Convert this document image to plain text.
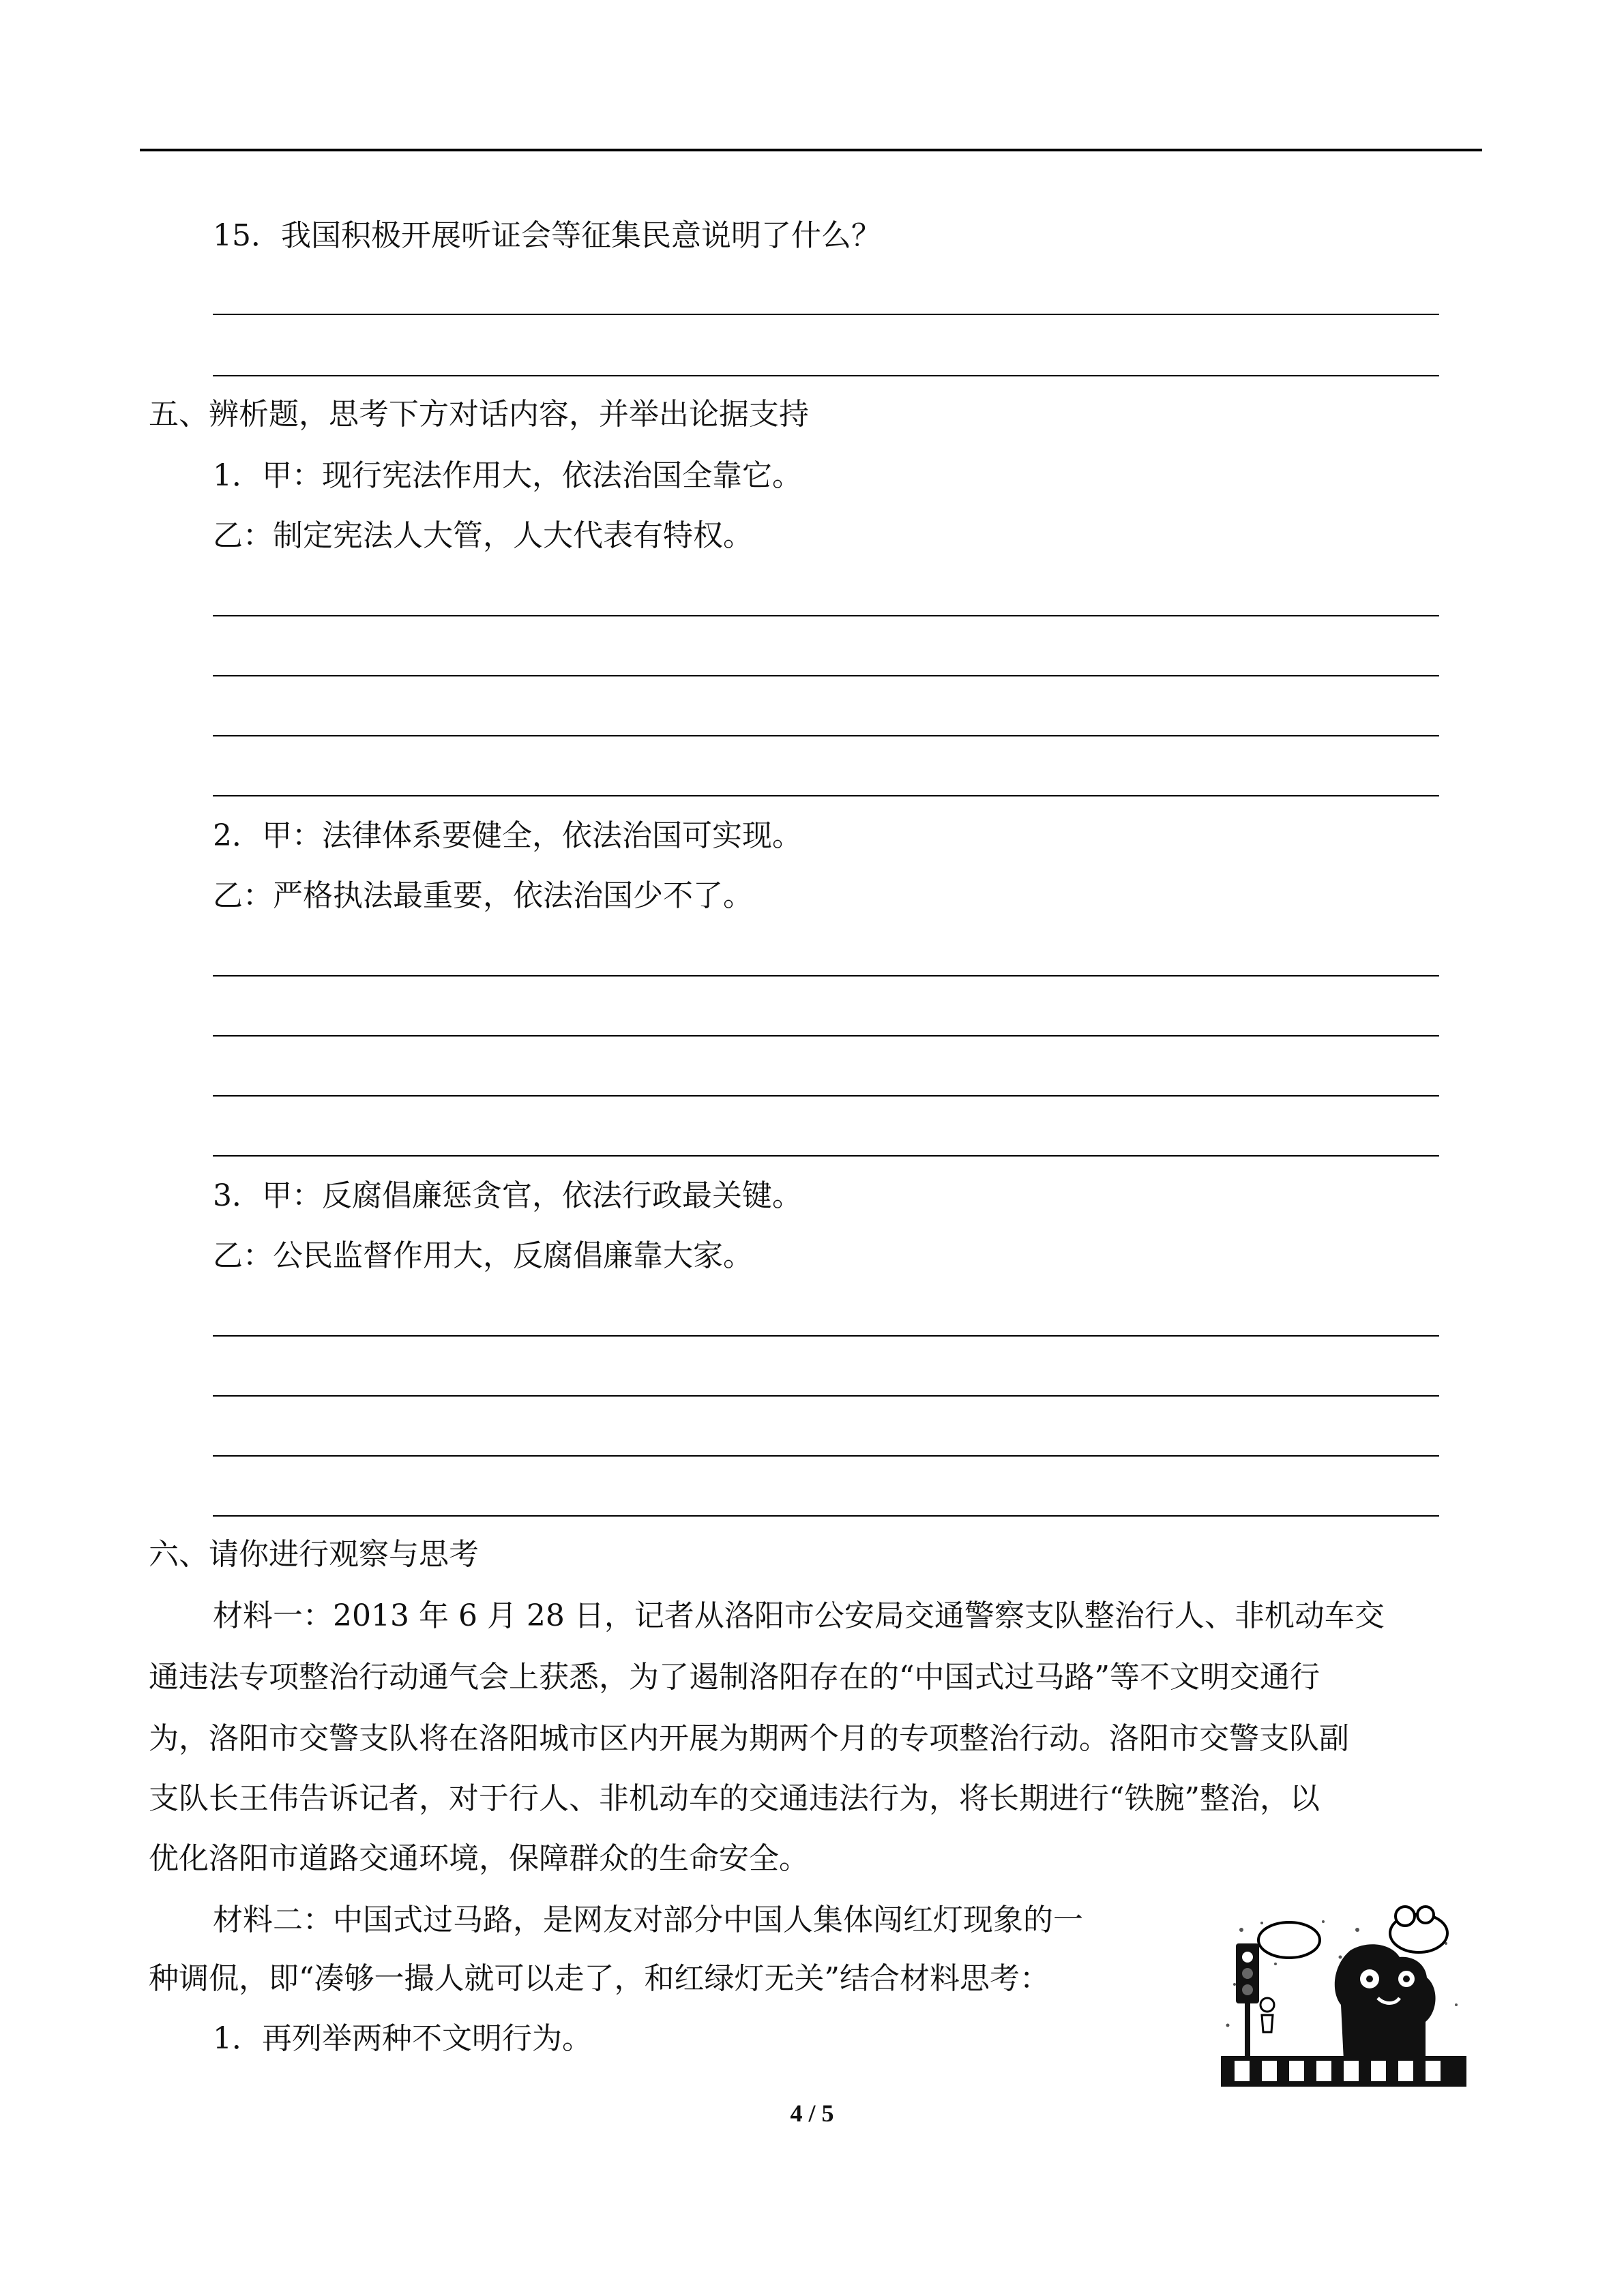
15．我国积极开展听证会等征集民意说明了什么？
五、辨析题，思考下方对话内容，并举出论据支持
1．甲：现行宪法作用大，依法治国全靠它。
乙：制定宪法人大管，人大代表有特权。
2．甲：法律体系要健全，依法治国可实现。
乙：严格执法最重要，依法治国少不了。
3．甲：反腐倡廉惩贪官，依法行政最关键。
乙：公民监督作用大，反腐倡廉靠大家。
六、请你进行观察与思考
材料一：2013 年 6 月 28 日，记者从洛阳市公安局交通警察支队整治行人、非机动车交
通违法专项整治行动通气会上获悉，为了遏制洛阳存在的“中国式过马路”等不文明交通行
为，洛阳市交警支队将在洛阳城市区内开展为期两个月的专项整治行动。洛阳市交警支队副
支队长王伟告诉记者，对于行人、非机动车的交通违法行为，将长期进行“铁腕”整治，以
优化洛阳市道路交通环境，保障群众的生命安全。
材料二：中国式过马路，是网友对部分中国人集体闯红灯现象的一
种调侃，即“凑够一撮人就可以走了，和红绿灯无关”结合材料思考：
1．再列举两种不文明行为。
4 / 5
